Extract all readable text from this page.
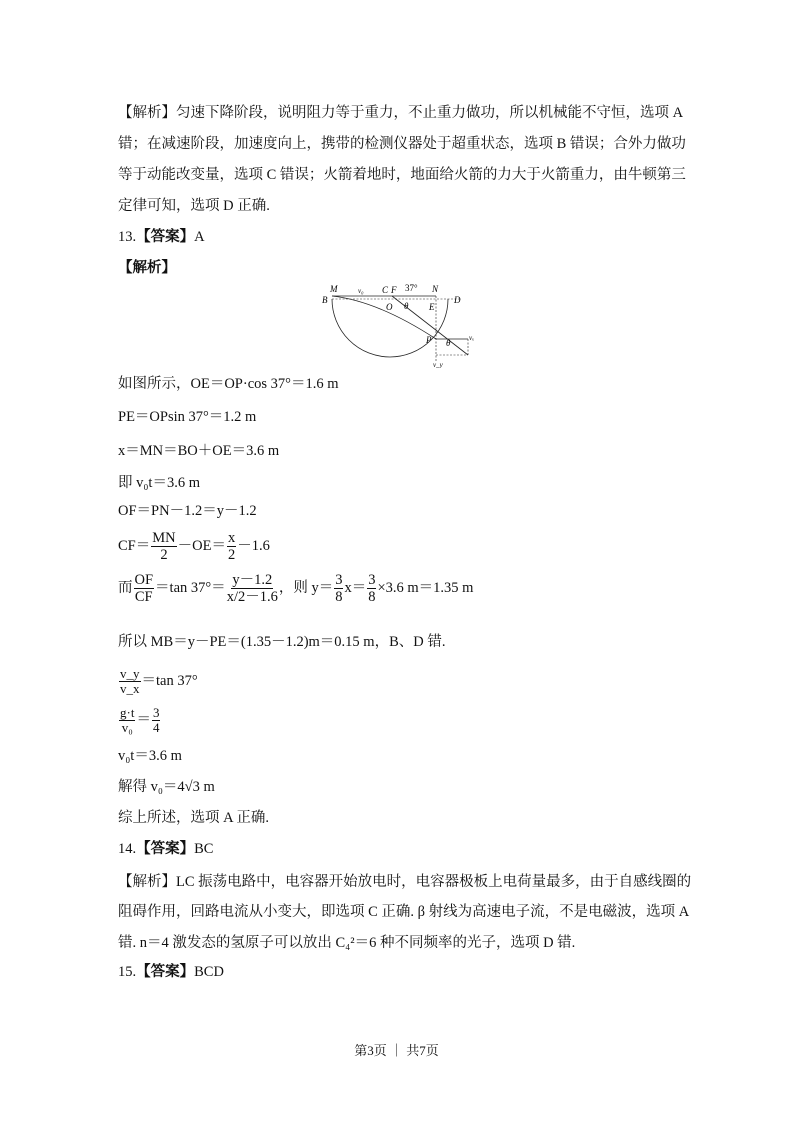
【解析】匀速下降阶段，说明阻力等于重力，不止重力做功，所以机械能不守恒，选项 A
错；在减速阶段，加速度向上，携带的检测仪器处于超重状态，选项 B 错误；合外力做功
等于动能改变量，选项 C 错误；火箭着地时，地面给火箭的力大于火箭重力，由牛顿第三
定律可知，选项 D 正确.
13.【答案】A
【解析】
M	v₀ C F 37° N
B
O θ E
D
P θ	vₓ
v_y
如图所示，OE＝OP·cos 37°＝1.6 m
PE＝OPsin 37°＝1.2 m
x＝MN＝BO＋OE＝3.6 m
即 v₀t＝3.6 m
OF＝PN－1.2＝y－1.2
$CF= \frac{MN}{2} -OE= \frac{x}{2} -1.6$
而 $\frac{OF}{CF} =\tan$ $37^\circ= \frac{y-1.2}{x/2-1.6}$ ，则 $y= \frac{3}{8} x= \frac{3}{8} \times 3.6$ m＝1.35 m
所以 MB＝y－PE＝(1.35－1.2)m＝0.15 m，B、D 错.
$\frac{v\_y}{v\_x} =\tan$ 37°
$\frac{g\cdot t}{\text{v₀}} = \frac{3}{4}$
v₀t＝3.6 m
解得 v₀＝4√3 m
综上所述，选项 A 正确.
14.【答案】BC
【解析】LC 振荡电路中，电容器开始放电时，电容器极板上电荷量最多，由于自感线圈的
阻碍作用，回路电流从小变大，即选项 C 正确. β 射线为高速电子流，不是电磁波，选项 A
错. n＝4 激发态的氢原子可以放出 C₄²＝6 种不同频率的光子，选项 D 错.
15.【答案】BCD
第3页 ｜ 共7页
